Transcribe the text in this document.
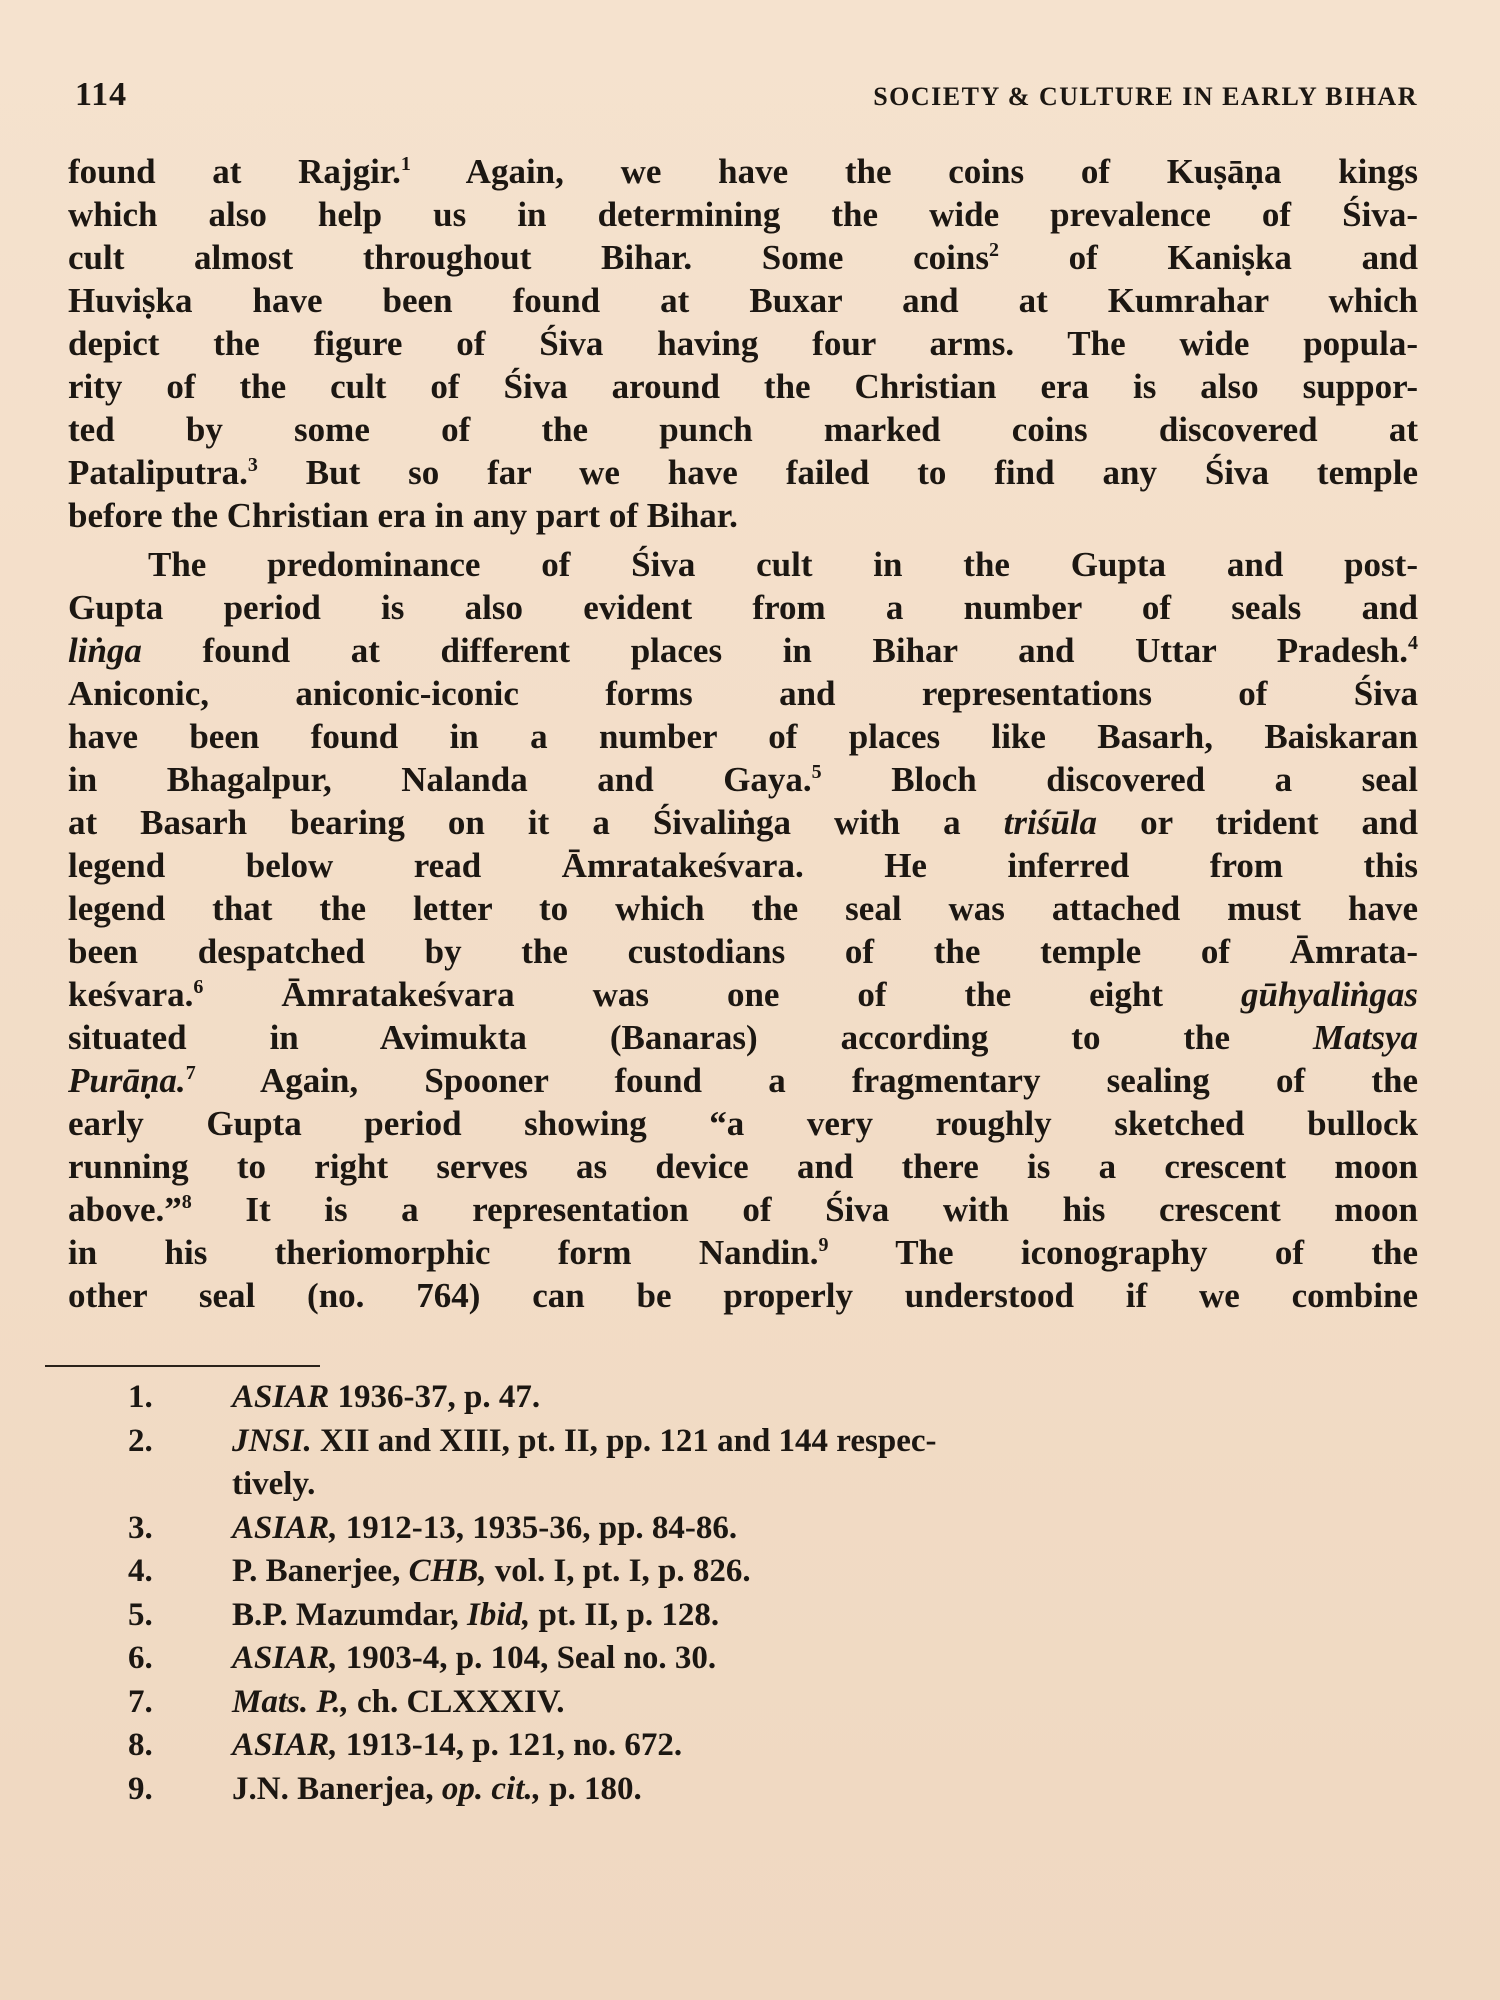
114	SOCIETY & CULTURE IN EARLY BIHAR
found at Rajgir.$^1$ Again, we have the coins of Kuṣāṇa kings
which also help us in determining the wide prevalence of Śiva-
cult almost throughout Bihar. Some coins$^2$ of Kaniṣka and
Huviṣka have been found at Buxar and at Kumrahar which
depict the figure of Śiva having four arms. The wide popula-
rity of the cult of Śiva around the Christian era is also suppor-
ted by some of the punch marked coins discovered at
Pataliputra.$^3$ But so far we have failed to find any Śiva temple
before the Christian era in any part of Bihar.
The predominance of Śiva cult in the Gupta and post-
Gupta period is also evident from a number of seals and
liṅga found at different places in Bihar and Uttar Pradesh.$^4$
Aniconic, aniconic-iconic forms and representations of Śiva
have been found in a number of places like Basarh, Baiskaran
in Bhagalpur, Nalanda and Gaya.$^5$ Bloch discovered a seal
at Basarh bearing on it a Śivaliṅga with a triśūla or trident and
legend below read Āmratakeśvara. He inferred from this
legend that the letter to which the seal was attached must have
been despatched by the custodians of the temple of Āmrata-
keśvara.$^6$ Āmratakeśvara was one of the eight gūhyaliṅgas
situated in Avimukta (Banaras) according to the Matsya
Purāṇa.$^7$ Again, Spooner found a fragmentary sealing of the
early Gupta period showing “a very roughly sketched bullock
running to right serves as device and there is a crescent moon
above.”$^8$ It is a representation of Śiva with his crescent moon
in his theriomorphic form Nandin.$^9$ The iconography of the
other seal (no. 764) can be properly understood if we combine
1.	ASIAR 1936-37, p. 47.
2.	JNSI. XII and XIII, pt. II, pp. 121 and 144 respec-
tively.
3.	ASIAR, 1912-13, 1935-36, pp. 84-86.
4.	P. Banerjee, CHB, vol. I, pt. I, p. 826.
5.	B.P. Mazumdar, Ibid, pt. II, p. 128.
6.	ASIAR, 1903-4, p. 104, Seal no. 30.
7.	Mats. P., ch. CLXXXIV.
8.	ASIAR, 1913-14, p. 121, no. 672.
9.	J.N. Banerjea, op. cit., p. 180.
